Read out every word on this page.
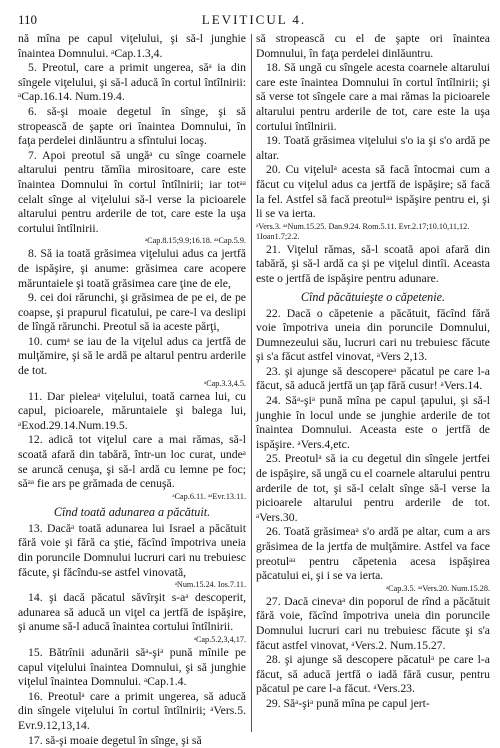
110	LEVITICUL 4.

nă mîna pe capul viţelului, şi să-l junghie înaintea Domnului. ᵃCap.1.3,4.

5. Preotul, care a primit ungerea, săᵃ ia din sîngele viţelului, şi să-l aducă în cortul întîlnirii: ᵃCap.16.14. Num.19.4.

6. să-şi moaie degetul în sînge, şi să stropească de şapte ori înaintea Domnului, în faţa perdelei dinlăuntru a sfîntului locaş.

7. Apoi preotul să ungăᵃ cu sînge coarnele altarului pentru tămîia mirositoare, care este înaintea Domnului în cortul întîlnirii; iar totᵃᵃ celalt sînge al viţelului să-l verse la picioarele altarului pentru arderile de tot, care este la uşa cortului întîlnirii.

ᵃCap.8.15;9.9;16.18. ᵃᵃCap.5.9.

8. Să ia toată grăsimea viţelului adus ca jertfă de ispăşire, şi anume: grăsimea care acopere măruntaiele şi toată grăsimea care ţine de ele,

9. cei doi rărunchi, şi grăsimea de pe ei, de pe coapse, şi prapurul ficatului, pe care-l va deslipi de lîngă rărunchi. Preotul să ia aceste părţi,

10. cumᵃ se iau de la viţelul adus ca jertfă de mulţămire, şi să le ardă pe altarul pentru arderile de tot.

ᵃCap.3.3,4.5.

11. Dar pieleaᵃ viţelului, toată carnea lui, cu capul, picioarele, măruntaiele şi balega lui, ᵃExod.29.14.Num.19.5.

12. adică tot viţelul care a mai rămas, să-l scoată afară din tabără, într-un loc curat, undeᵃ se aruncă cenuşa, şi să-l ardă cu lemne pe foc; săᵃᵃ fie ars pe grămada de cenuşă.

ᵃCap.6.11. ᵃᵃEvr.13.11.

Cînd toată adunarea a păcătuit.

13. Dacăᵃ toată adunarea lui Israel a păcătuit fără voie şi fără ca ştie, făcînd împotriva uneia din poruncile Domnului lucruri cari nu trebuiesc făcute, şi făcîndu-se astfel vinovată,

ᵃNum.15.24. Ios.7.11.

14. şi dacă păcatul săvîrşit s-aᵃ descoperit, adunarea să aducă un viţel ca jertfă de ispăşire, şi anume să-l aducă înaintea cortului întîlnirii.

ᵃCap.5.2,3,4,17.

15. Bătrînii adunării săᵃ-şiᵃ pună mînile pe capul viţelului înaintea Domnului, şi să junghie viţelul înaintea Domnului. ᵃCap.1.4.

16. Preotulᵃ care a primit ungerea, să aducă din sîngele viţelului în cortul întîlnirii; ᵃVers.5. Evr.9.12,13,14.

17. să-şi moaie degetul în sînge, şi să

să stropească cu el de şapte ori înaintea Domnului, în faţa perdelei dinlăuntru.

18. Să ungă cu sîngele acesta coarnele altarului care este înaintea Domnului în cortul întîlnirii; şi să verse tot sîngele care a mai rămas la picioarele altarului pentru arderile de tot, care este la uşa cortului întîlnirii.

19. Toată grăsimea viţelului s'o ia şi s'o ardă pe altar.

20. Cu viţelulᵃ acesta să facă întocmai cum a făcut cu viţelul adus ca jertfă de ispăşire; să facă la fel. Astfel să facă preotulᵃᵃ ispăşire pentru ei, şi li se va ierta.

ᵃVers.3. ᵃᵃNum.15.25. Dan.9.24. Rom.5.11. Evr.2.17;10.10,11,12. 1Ioan1.7;2.2.

21. Viţelul rămas, să-l scoată apoi afară din tabără, şi să-l ardă ca şi pe viţelul dintîi. Aceasta este o jertfă de ispăşire pentru adunare.

Cînd păcătuieşte o căpetenie.

22. Dacă o căpetenie a păcătuit, făcînd fără voie împotriva uneia din poruncile Domnului, Dumnezeului său, lucruri cari nu trebuiesc făcute şi s'a făcut astfel vinovat, ᵃVers 2,13.

23. şi ajunge să descopereᵃ păcatul pe care l-a făcut, să aducă jertfă un ţap fără cusur! ᵃVers.14.

24. Săᵃ-şiᵃ pună mîna pe capul ţapului, şi să-l junghie în locul unde se junghie arderile de tot înaintea Domnului. Aceasta este o jertfă de ispăşire. ᵃVers.4,etc.

25. Preotulᵃ să ia cu degetul din sîngele jertfei de ispăşire, să ungă cu el coarnele altarului pentru arderile de tot, şi să-l celalt sînge să-l verse la picioarele altarului pentru arderile de tot. ᵃVers.30.

26. Toată grăsimeaᵃ s'o ardă pe altar, cum a ars grăsimea de la jertfa de mulţămire. Astfel va face preotulᵃᵃ pentru căpetenia acesa ispăşirea păcatului ei, şi i se va ierta.

ᵃCap.3.5. ᵃᵃVers.20. Num.15.28.

27. Dacă cinevaᵃ din poporul de rînd a păcătuit fără voie, făcînd împotriva uneia din poruncile Domnului lucruri cari nu trebuiesc făcute şi s'a făcut astfel vinovat, ᵃVers.2. Num.15.27.

28. şi ajunge să descopere păcatulᵃ pe care l-a făcut, să aducă jertfă o iadă fără cusur, pentru păcatul pe care l-a făcut. ᵃVers.23.

29. Săᵃ-şiᵃ pună mîna pe capul jert-
